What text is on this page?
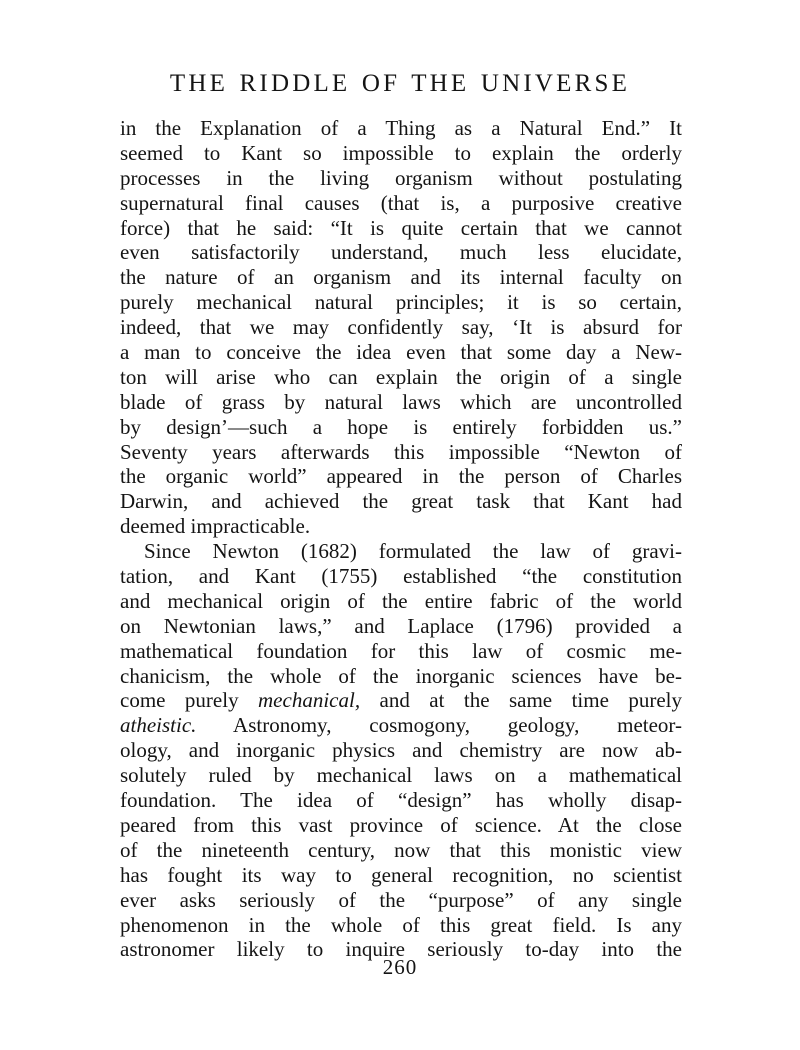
THE RIDDLE OF THE UNIVERSE
in the Explanation of a Thing as a Natural End.” It
seemed to Kant so impossible to explain the orderly
processes in the living organism without postulating
supernatural final causes (that is, a purposive creative
force) that he said: “It is quite certain that we cannot
even satisfactorily understand, much less elucidate,
the nature of an organism and its internal faculty on
purely mechanical natural principles; it is so certain,
indeed, that we may confidently say, ‘It is absurd for
a man to conceive the idea even that some day a New-
ton will arise who can explain the origin of a single
blade of grass by natural laws which are uncontrolled
by design’—such a hope is entirely forbidden us.”
Seventy years afterwards this impossible “Newton of
the organic world” appeared in the person of Charles
Darwin, and achieved the great task that Kant had
deemed impracticable.
Since Newton (1682) formulated the law of gravi-
tation, and Kant (1755) established “the constitution
and mechanical origin of the entire fabric of the world
on Newtonian laws,” and Laplace (1796) provided a
mathematical foundation for this law of cosmic me-
chanicism, the whole of the inorganic sciences have be-
come purely mechanical, and at the same time purely
atheistic. Astronomy, cosmogony, geology, meteor-
ology, and inorganic physics and chemistry are now ab-
solutely ruled by mechanical laws on a mathematical
foundation. The idea of “design” has wholly disap-
peared from this vast province of science. At the close
of the nineteenth century, now that this monistic view
has fought its way to general recognition, no scientist
ever asks seriously of the “purpose” of any single
phenomenon in the whole of this great field. Is any
astronomer likely to inquire seriously to-day into the
260
